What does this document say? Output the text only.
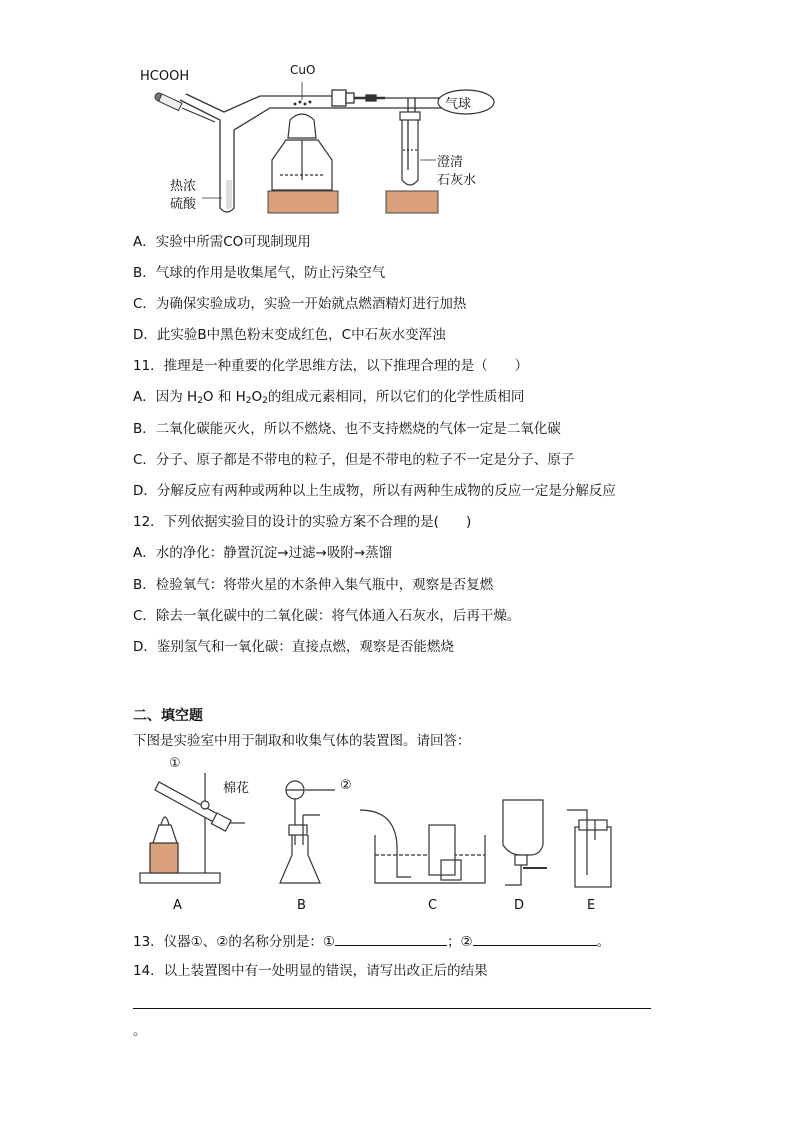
HCOOH	CuO
气球
热浓
硫酸
澄清
石灰水
A．实验中所需CO可现制现用
B．气球的作用是收集尾气，防止污染空气
C．为确保实验成功，实验一开始就点燃酒精灯进行加热
D．此实验B中黑色粉末变成红色，C中石灰水变浑浊
11．推理是一种重要的化学思维方法，以下推理合理的是（　　）
A．因为 $H_2O$ 和 $H_2O_2$的组成元素相同，所以它们的化学性质相同
B．二氧化碳能灭火，所以不燃烧、也不支持燃烧的气体一定是二氧化碳
C．分子、原子都是不带电的粒子，但是不带电的粒子不一定是分子、原子
D．分解反应有两种或两种以上生成物，所以有两种生成物的反应一定是分解反应
12．下列依据实验目的设计的实验方案不合理的是(　　)
A．水的净化：静置沉淀→过滤→吸附→蒸馏
B．检验氧气：将带火星的木条伸入集气瓶中，观察是否复燃
C．除去一氧化碳中的二氧化碳：将气体通入石灰水，后再干燥。
D．鉴别氢气和一氧化碳：直接点燃，观察是否能燃烧
二、填空题
下图是实验室中用于制取和收集气体的装置图。请回答：
①
②
棉花
A	B	C	D	E
13．仪器①、②的名称分别是：①	；②	。
14．以上装置图中有一处明显的错误，请写出改正后的结果
。
